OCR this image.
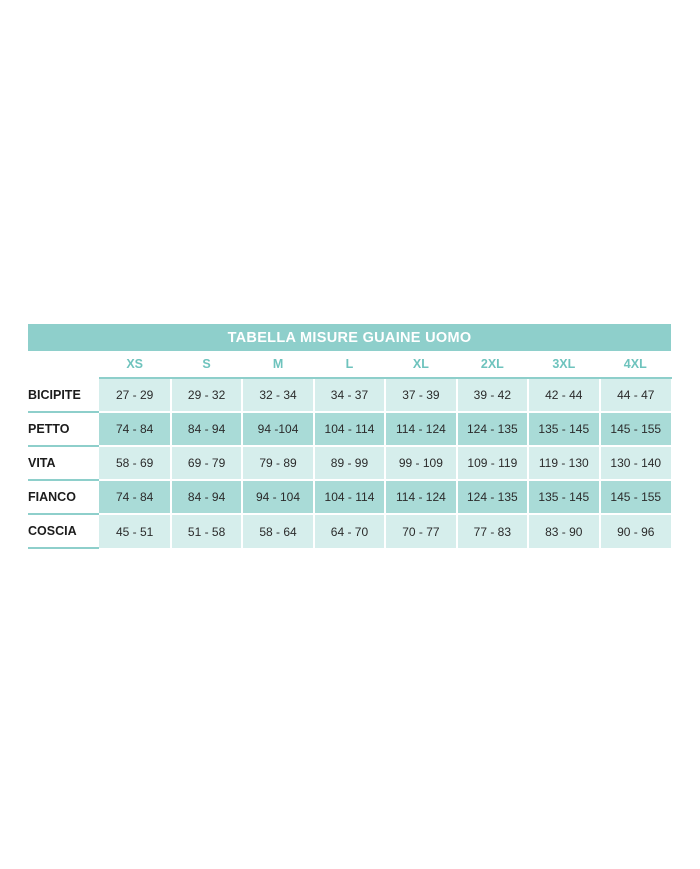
TABELLA MISURE GUAINE UOMO								
	XS	S	M	L	XL	2XL	3XL	4XL
BICIPITE	27 - 29	29 - 32	32 - 34	34 - 37	37 - 39	39 - 42	42 - 44	44 - 47
PETTO	74 - 84	84 - 94	94 -104	104 - 114	114 - 124	124 - 135	135 - 145	145 - 155
VITA	58 - 69	69 - 79	79 - 89	89 - 99	99 - 109	109 - 119	119 - 130	130 - 140
FIANCO	74 - 84	84 - 94	94 - 104	104 - 114	114 - 124	124 - 135	135 - 145	145 - 155
COSCIA	45 - 51	51 - 58	58 - 64	64 - 70	70 - 77	77 - 83	83 - 90	90 - 96
